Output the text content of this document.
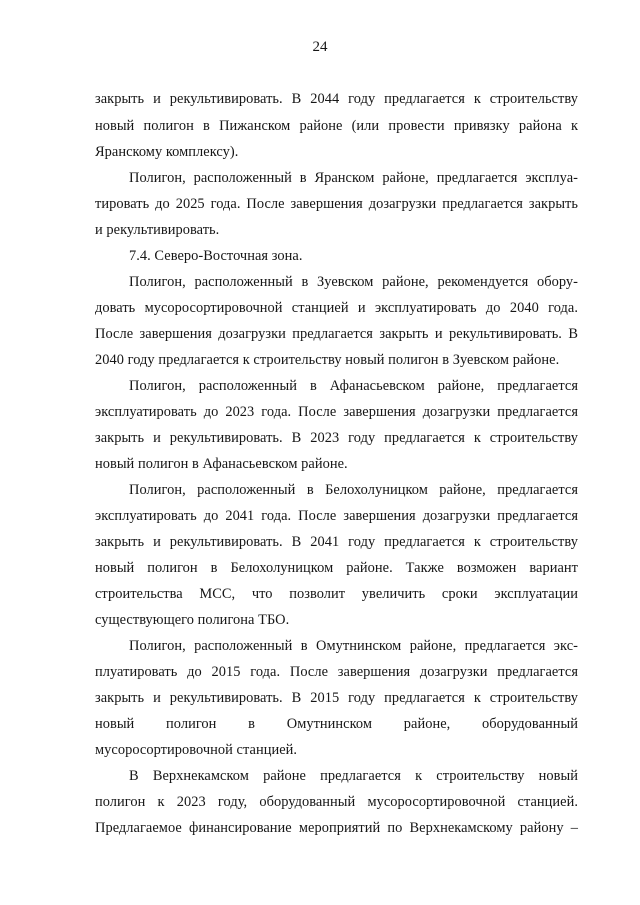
24
закрыть и рекультивировать. В 2044 году предлагается к строительству
новый полигон в Пижанском районе (или провести привязку района к
Яранскому комплексу).
Полигон, расположенный в Яранском районе, предлагается эксплуа-
тировать до 2025 года. После завершения дозагрузки предлагается закрыть
и рекультивировать.
7.4. Северо-Восточная зона.
Полигон, расположенный в Зуевском районе, рекомендуется обору-
довать мусоросортировочной станцией и эксплуатировать до 2040 года.
После завершения дозагрузки предлагается закрыть и рекультивировать. В
2040 году предлагается к строительству новый полигон в Зуевском районе.
Полигон, расположенный в Афанасьевском районе, предлагается
эксплуатировать до 2023 года. После завершения дозагрузки предлагается
закрыть и рекультивировать. В 2023 году предлагается к строительству
новый полигон в Афанасьевском районе.
Полигон, расположенный в Белохолуницком районе, предлагается
эксплуатировать до 2041 года. После завершения дозагрузки предлагается
закрыть и рекультивировать. В 2041 году предлагается к строительству
новый полигон в Белохолуницком районе. Также возможен вариант
строительства МСС, что позволит увеличить сроки эксплуатации
существующего полигона ТБО.
Полигон, расположенный в Омутнинском районе, предлагается экс-
плуатировать до 2015 года. После завершения дозагрузки предлагается
закрыть и рекультивировать. В 2015 году предлагается к строительству
новый полигон в Омутнинском районе, оборудованный
мусоросортировочной станцией.
В Верхнекамском районе предлагается к строительству новый
полигон к 2023 году, оборудованный мусоросортировочной станцией.
Предлагаемое финансирование мероприятий по Верхнекамскому району –
